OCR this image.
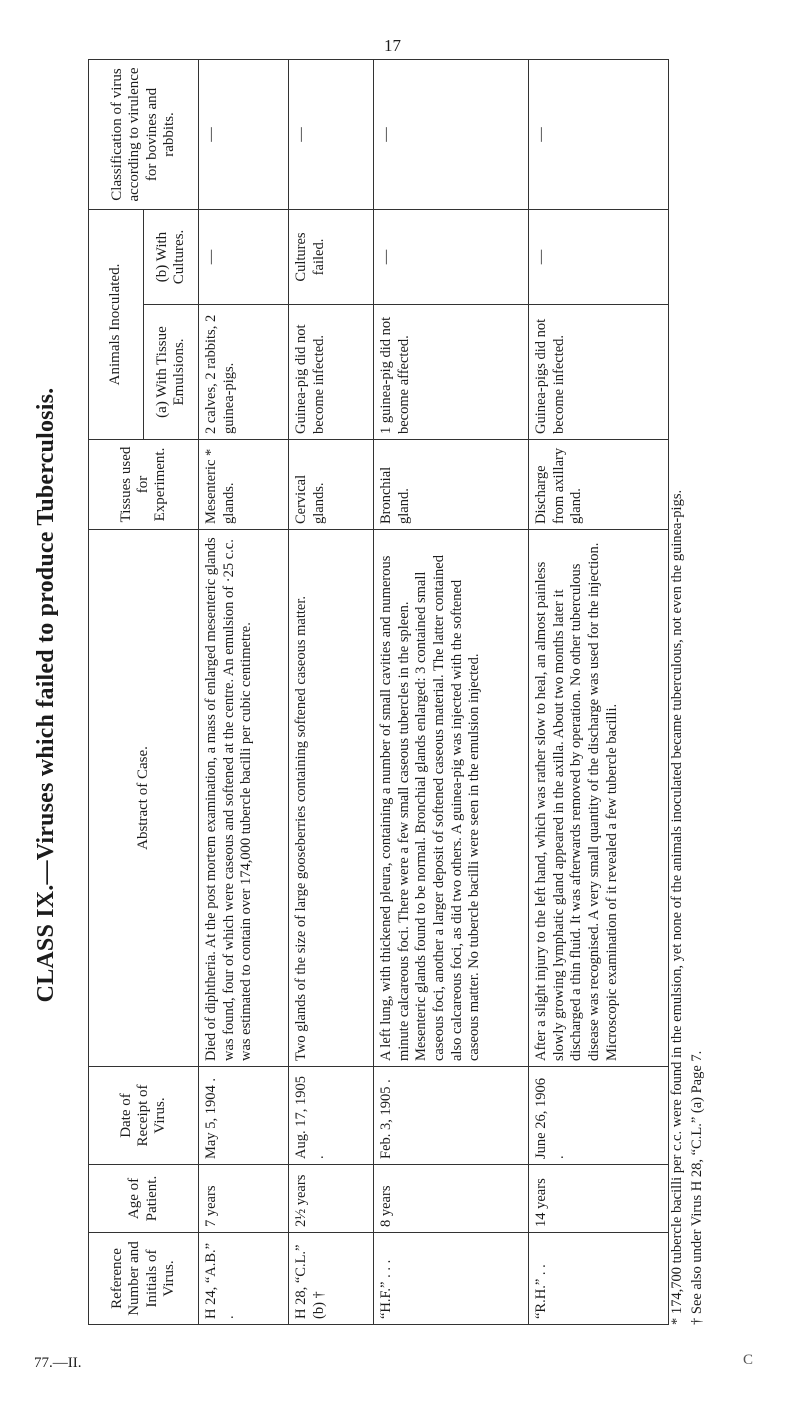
17
77.—II.	C
CLASS IX.—Viruses which failed to produce Tuberculosis.
Reference Number and Initials of Virus.	Age of Patient.	Date of Receipt of Virus.	Abstract of Case.	Tissues used for Experiment.	Animals Inoculated.		Classification of virus according to virulence for bovines and rabbits.
					(a) With Tissue Emulsions.	(b) With Cultures.	
H 24, “A.B.” .	7 years	May 5, 1904 .	Died of diphtheria. At the post mortem examination, a mass of enlarged mesenteric glands was found, four of which were caseous and softened at the centre. An emulsion of ·25 c.c. was estimated to contain over 174,000 tubercle bacilli per cubic centimetre.	Mesenteric * glands.	2 calves, 2 rabbits, 2 guinea-pigs.	—	—
H 28, “C.L.” (b) †	2½ years	Aug. 17, 1905 .	Two glands of the size of large gooseberries containing softened caseous matter.	Cervical glands.	Guinea-pig did not become infected.	Cultures failed.	—
“H.F.” . . .	8 years	Feb. 3, 1905 .	A left lung, with thickened pleura, containing a number of small cavities and numerous minute calcareous foci. There were a few small caseous tubercles in the spleen. Mesenteric glands found to be normal. Bronchial glands enlarged: 3 contained small caseous foci, another a larger deposit of softened caseous material. The latter contained also calcareous foci, as did two others. A guinea-pig was injected with the softened caseous matter. No tubercle bacilli were seen in the emulsion injected.	Bronchial gland.	1 guinea-pig did not become affected.	—	—
“R.H.” . .	14 years	June 26, 1906 .	After a slight injury to the left hand, which was rather slow to heal, an almost painless slowly growing lymphatic gland appeared in the axilla. About two months later it discharged a thin fluid. It was afterwards removed by operation. No other tuberculous disease was recognised. A very small quantity of the discharge was used for the injection. Microscopic examination of it revealed a few tubercle bacilli.	Discharge from axillary gland.	Guinea-pigs did not become infected.	—	—
* 174,700 tubercle bacilli per c.c. were found in the emulsion, yet none of the animals inoculated became tuberculous, not even the guinea-pigs. † See also under Virus H 28, “C.L.” (a) Page 7.
